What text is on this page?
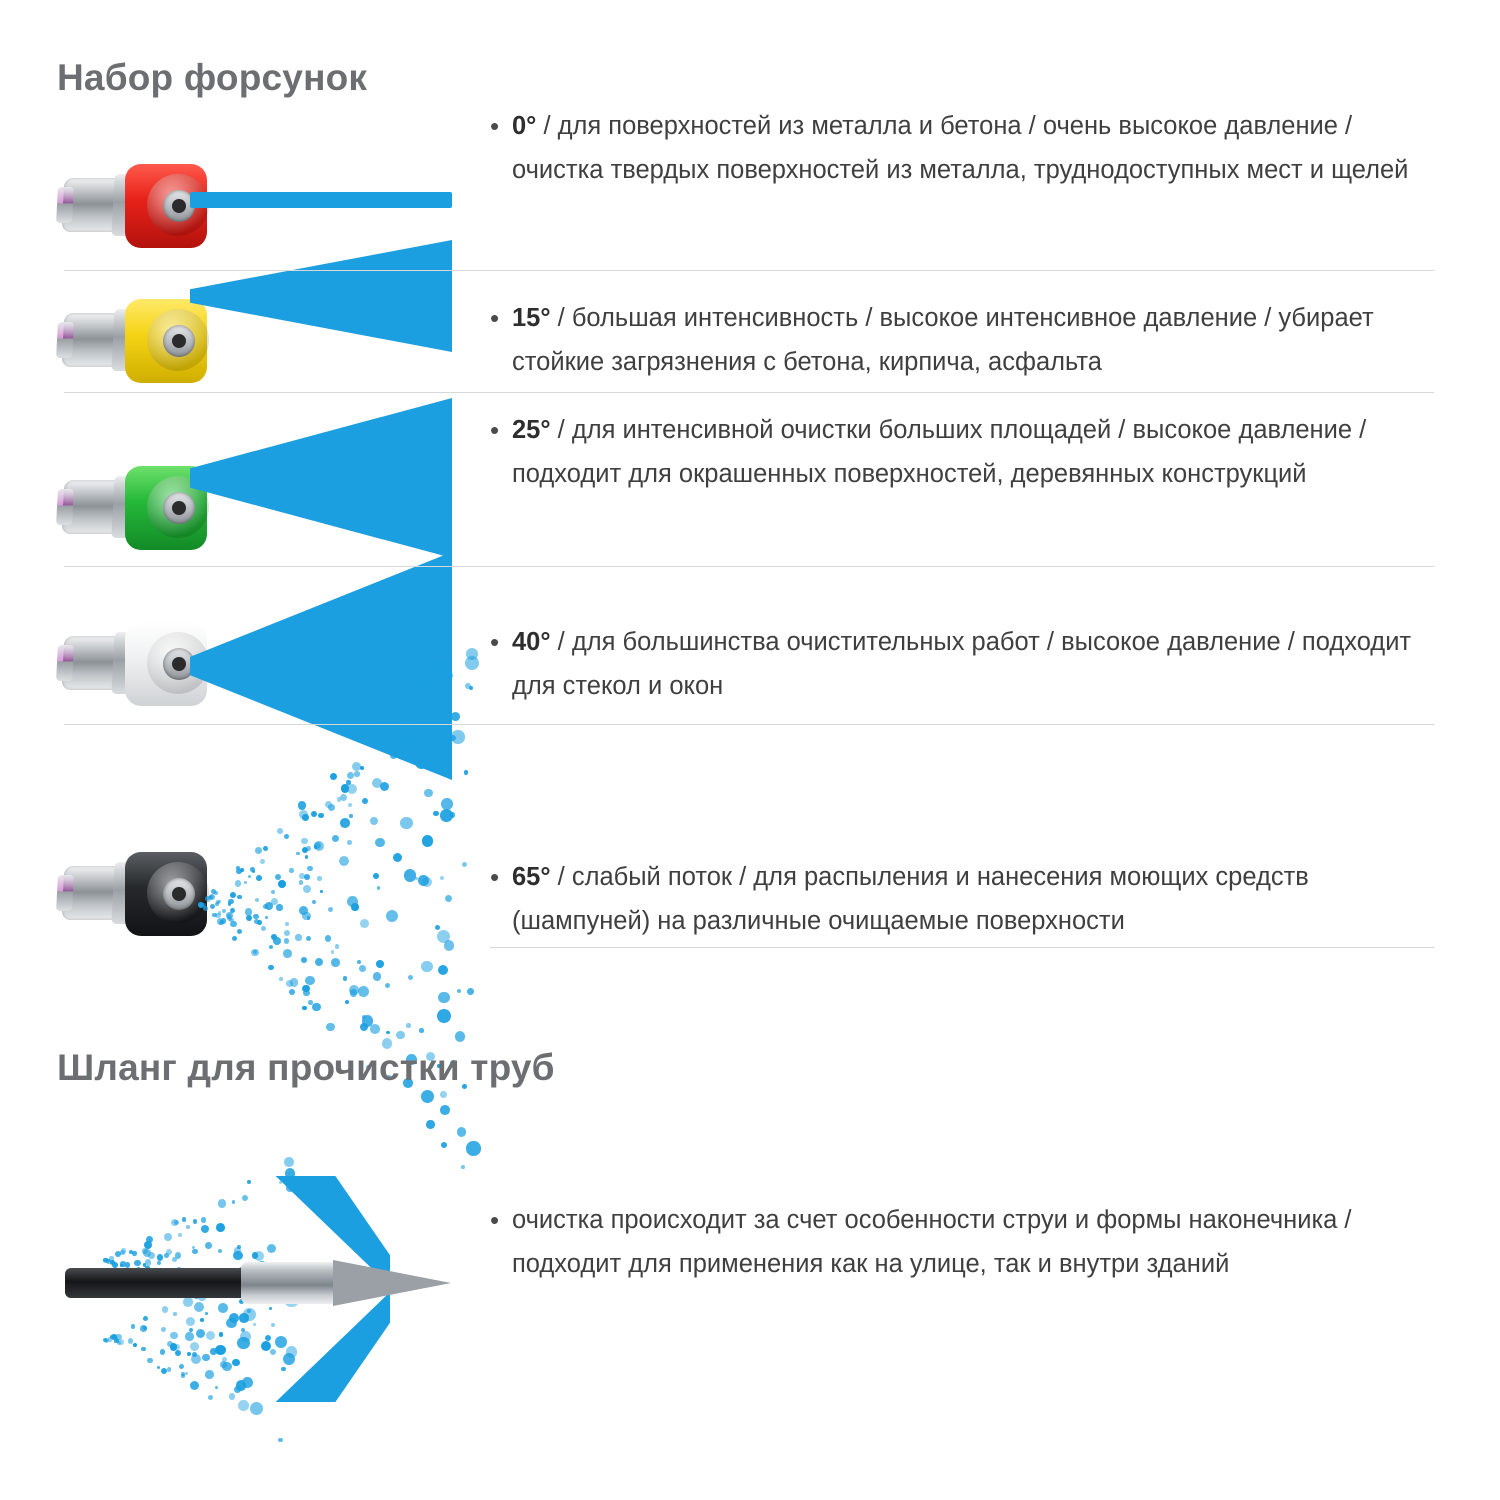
Набор форсунок
• 0° / для поверхностей из металла и бетона / очень высокое давление / очистка твердых поверхностей из металла, труднодоступных мест и щелей
• 15° / большая интенсивность / высокое интенсивное давление / убирает стойкие загрязнения с бетона, кирпича, асфальта
• 25° / для интенсивной очистки больших площадей / высокое давление / подходит для окрашенных поверхностей, деревянных конструкций
• 40° / для большинства очистительных работ / высокое давление / подходит для стекол и окон
• 65° / слабый поток / для распыления и нанесения моющих средств (шампуней) на различные очищаемые поверхности
Шланг для прочистки труб
• очистка происходит за счет особенности струи и формы наконечника / подходит для применения как на улице, так и внутри зданий
